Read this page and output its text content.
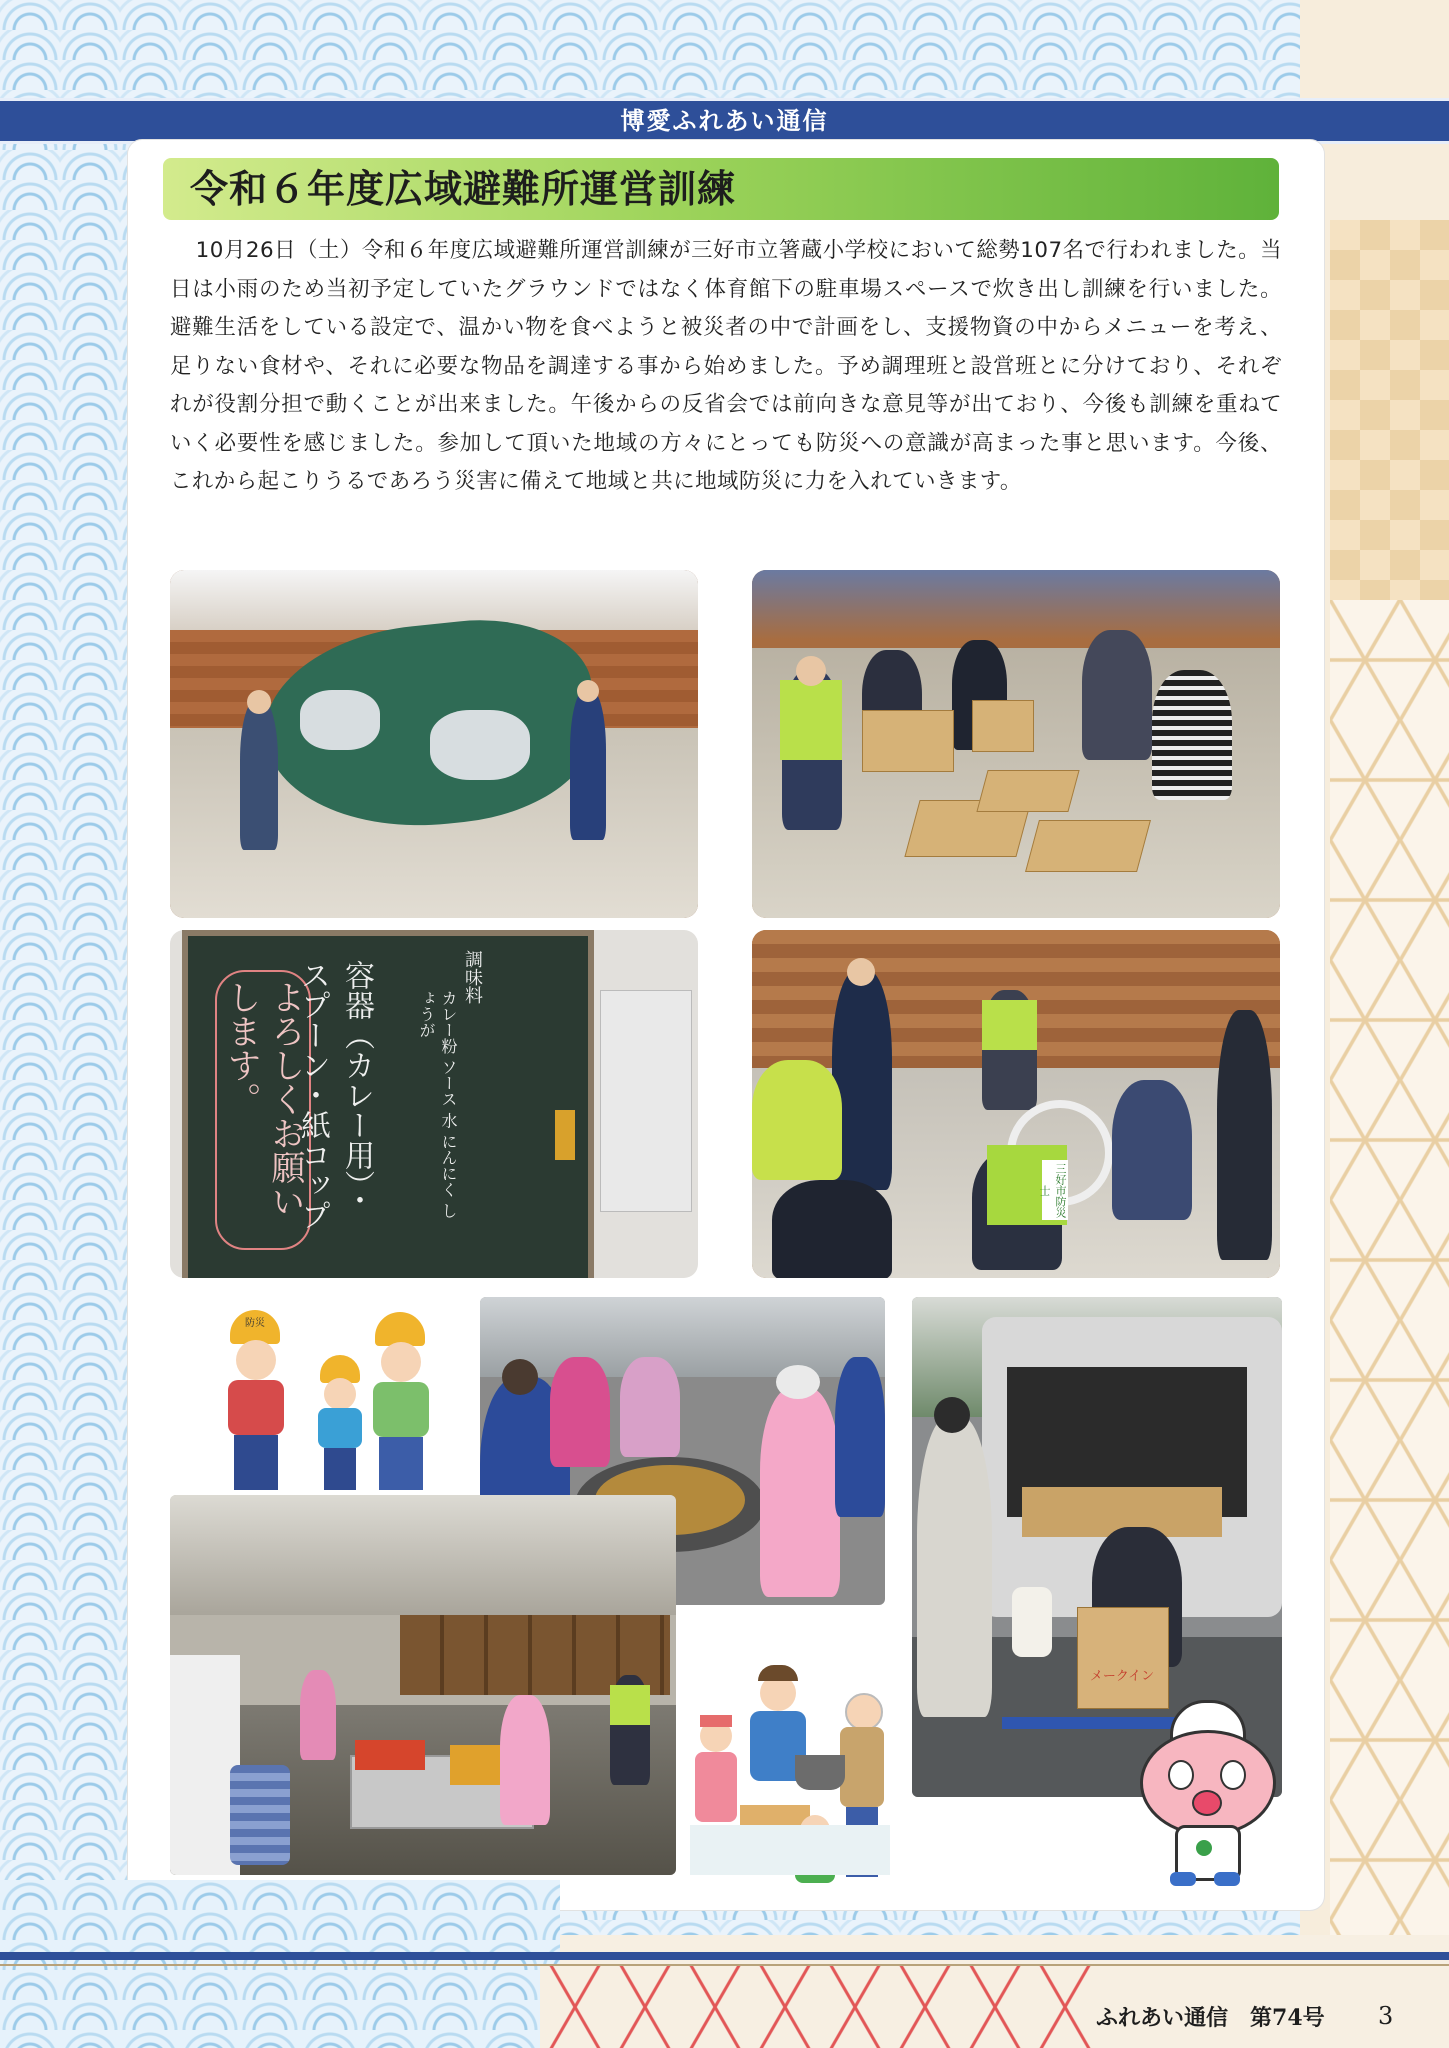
博愛ふれあい通信
令和６年度広域避難所運営訓練
10月26日（土）令和６年度広域避難所運営訓練が三好市立箸蔵小学校において総勢107名で行われました。当日は小雨のため当初予定していたグラウンドではなく体育館下の駐車場スペースで炊き出し訓練を行いました。避難生活をしている設定で、温かい物を食べようと被災者の中で計画をし、支援物資の中からメニューを考え、足りない食材や、それに必要な物品を調達する事から始めました。予め調理班と設営班とに分けており、それぞれが役割分担で動くことが出来ました。午後からの反省会では前向きな意見等が出ており、今後も訓練を重ねていく必要性を感じました。参加して頂いた地域の方々にとっても防災への意識が高まった事と思います。今後、これから起こりうるであろう災害に備えて地域と共に地域防災に力を入れていきます。
よろしくお願いします。	容器（カレー用）・スプーン・紙コップ	調味料
カレー粉 ソース 水 にんにく しょうが
三好市防災士
防災
メークイン
ふれあい通信　 第74号 3
